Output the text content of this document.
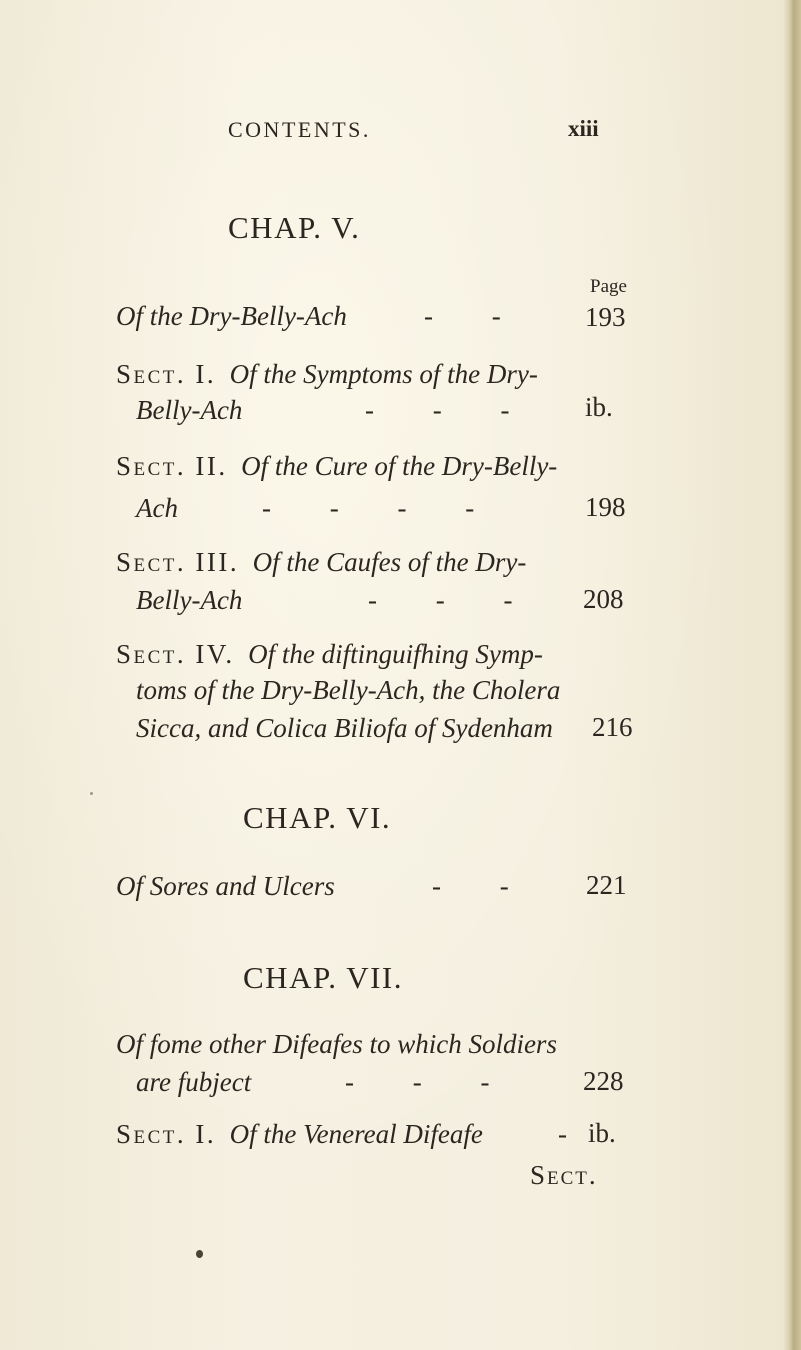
CONTENTS.	xiii
CHAP. V.
Page
Of the Dry-Belly-Ach	- - 193
Sect. I. Of the Symptoms of the Dry-
Belly-Ach	- - - ib.
Sect. II. Of the Cure of the Dry-Belly-
Ach	- - - -	198
Sect. III. Of the Caufes of the Dry-
Belly-Ach	- - - 208
Sect. IV. Of the diftinguifhing Symp-
toms of the Dry-Belly-Ach, the Cholera
Sicca, and Colica Biliofa of Sydenham 216
CHAP. VI.
Of Sores and Ulcers	- - 221
CHAP. VII.
Of fome other Difeafes to which Soldiers
are fubject	- - -	228
Sect. I. Of the Venereal Difeafe	- ib.
Sect.
